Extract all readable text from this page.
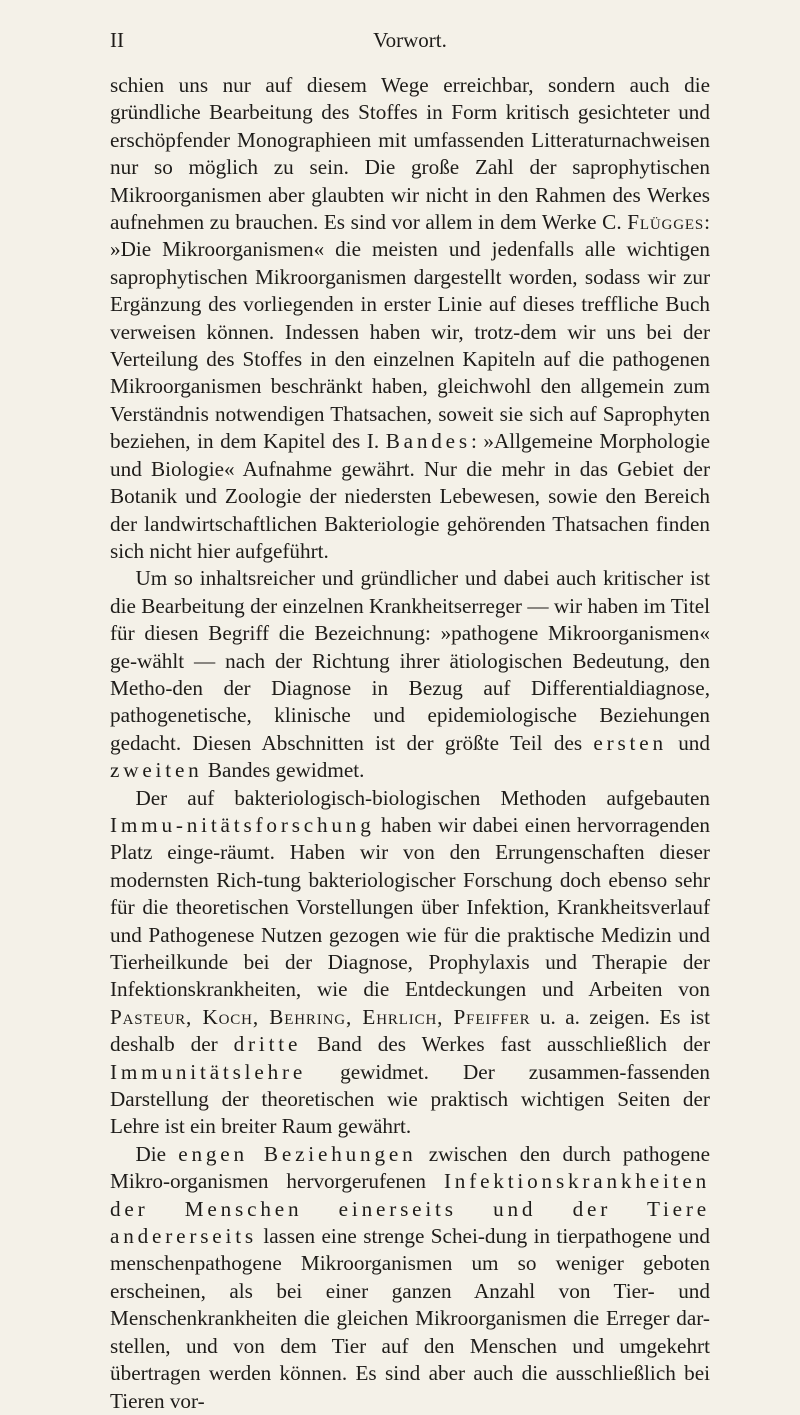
II	Vorwort.

schien uns nur auf diesem Wege erreichbar, sondern auch die gründliche Bearbeitung des Stoffes in Form kritisch gesichteter und erschöpfender Monographieen mit umfassenden Litteraturnachweisen nur so möglich zu sein. Die große Zahl der saprophytischen Mikroorganismen aber glaubten wir nicht in den Rahmen des Werkes aufnehmen zu brauchen. Es sind vor allem in dem Werke C. Flügges: »Die Mikroorganismen« die meisten und jedenfalls alle wichtigen saprophytischen Mikroorganismen dargestellt worden, sodass wir zur Ergänzung des vorliegenden in erster Linie auf dieses treffliche Buch verweisen können. Indessen haben wir, trotz-dem wir uns bei der Verteilung des Stoffes in den einzelnen Kapiteln auf die pathogenen Mikroorganismen beschränkt haben, gleichwohl den allgemein zum Verständnis notwendigen Thatsachen, soweit sie sich auf Saprophyten beziehen, in dem Kapitel des I. Bandes: »Allgemeine Morphologie und Biologie« Aufnahme gewährt. Nur die mehr in das Gebiet der Botanik und Zoologie der niedersten Lebewesen, sowie den Bereich der landwirtschaftlichen Bakteriologie gehörenden Thatsachen finden sich nicht hier aufgeführt.

Um so inhaltsreicher und gründlicher und dabei auch kritischer ist die Bearbeitung der einzelnen Krankheitserreger — wir haben im Titel für diesen Begriff die Bezeichnung: »pathogene Mikroorganismen« ge-wählt — nach der Richtung ihrer ätiologischen Bedeutung, den Metho-den der Diagnose in Bezug auf Differentialdiagnose, pathogenetische, klinische und epidemiologische Beziehungen gedacht. Diesen Abschnitten ist der größte Teil des ersten und zweiten Bandes gewidmet.

Der auf bakteriologisch-biologischen Methoden aufgebauten Immu-nitätsforschung haben wir dabei einen hervorragenden Platz einge-räumt. Haben wir von den Errungenschaften dieser modernsten Rich-tung bakteriologischer Forschung doch ebenso sehr für die theoretischen Vorstellungen über Infektion, Krankheitsverlauf und Pathogenese Nutzen gezogen wie für die praktische Medizin und Tierheilkunde bei der Diagnose, Prophylaxis und Therapie der Infektionskrankheiten, wie die Entdeckungen und Arbeiten von Pasteur, Koch, Behring, Ehrlich, Pfeiffer u. a. zeigen. Es ist deshalb der dritte Band des Werkes fast ausschließlich der Immunitätslehre gewidmet. Der zusammen-fassenden Darstellung der theoretischen wie praktisch wichtigen Seiten der Lehre ist ein breiter Raum gewährt.

Die engen Beziehungen zwischen den durch pathogene Mikro-organismen hervorgerufenen Infektionskrankheiten der Menschen einerseits und der Tiere andererseits lassen eine strenge Schei-dung in tierpathogene und menschenpathogene Mikroorganismen um so weniger geboten erscheinen, als bei einer ganzen Anzahl von Tier- und Menschenkrankheiten die gleichen Mikroorganismen die Erreger dar-stellen, und von dem Tier auf den Menschen und umgekehrt übertragen werden können. Es sind aber auch die ausschließlich bei Tieren vor-
